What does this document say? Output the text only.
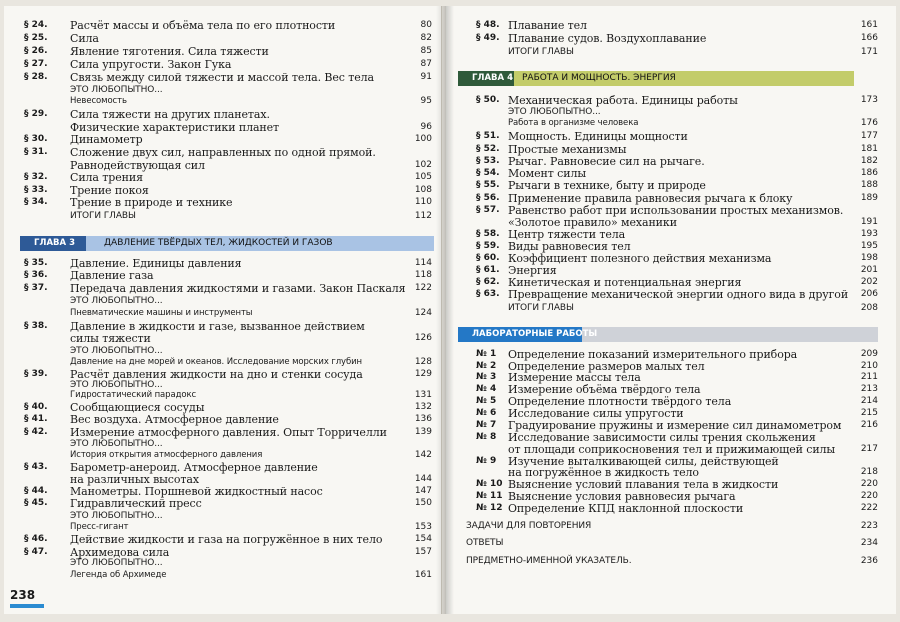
§ 24. Расчёт массы и объёма тела по его плотности	80
§ 25. Сила	82
§ 26. Явление тяготения. Сила тяжести	85
§ 27. Сила упругости. Закон Гука	87
§ 28. Связь между силой тяжести и массой тела. Вес тела	91
ЭТО ЛЮБОПЫТНО...
Невесомость	95
§ 29. Сила тяжести на других планетах.
Физические характеристики планет	96
§ 30. Динамометр	100
§ 31. Сложение двух сил, направленных по одной прямой.
Равнодействующая сил	102
§ 32. Сила трения	105
§ 33. Трение покоя	108
§ 34. Трение в природе и технике	110
ИТОГИ ГЛАВЫ	112
ГЛАВА 3	ДАВЛЕНИЕ ТВЁРДЫХ ТЕЛ, ЖИДКОСТЕЙ И ГАЗОВ
§ 35. Давление. Единицы давления	114
§ 36. Давление газа	118
§ 37. Передача давления жидкостями и газами. Закон Паскаля	122
ЭТО ЛЮБОПЫТНО...
Пневматические машины и инструменты	124
§ 38. Давление в жидкости и газе, вызванное действием
силы тяжести	126
ЭТО ЛЮБОПЫТНО...
Давление на дне морей и океанов. Исследование морских глубин	128
§ 39. Расчёт давления жидкости на дно и стенки сосуда	129
ЭТО ЛЮБОПЫТНО...
Гидростатический парадокс	131
§ 40. Сообщающиеся сосуды	132
§ 41. Вес воздуха. Атмосферное давление	136
§ 42. Измерение атмосферного давления. Опыт Торричелли	139
ЭТО ЛЮБОПЫТНО...
История открытия атмосферного давления	142
§ 43. Барометр-анероид. Атмосферное давление
на различных высотах	144
§ 44. Манометры. Поршневой жидкостный насос	147
§ 45. Гидравлический пресс	150
ЭТО ЛЮБОПЫТНО...
Пресс-гигант	153
§ 46. Действие жидкости и газа на погружённое в них тело	154
§ 47. Архимедова сила	157
ЭТО ЛЮБОПЫТНО...
Легенда об Архимеде	161
238
§ 48. Плавание тел	161
§ 49. Плавание судов. Воздухоплавание	166
ИТОГИ ГЛАВЫ	171
ГЛАВА 4 РАБОТА И МОЩНОСТЬ. ЭНЕРГИЯ
§ 50. Механическая работа. Единицы работы	173
ЭТО ЛЮБОПЫТНО...
Работа в организме человека	176
§ 51. Мощность. Единицы мощности	177
§ 52. Простые механизмы	181
§ 53. Рычаг. Равновесие сил на рычаге.	182
§ 54. Момент силы	186
§ 55. Рычаги в технике, быту и природе	188
§ 56. Применение правила равновесия рычага к блоку	189
§ 57. Равенство работ при использовании простых механизмов.
«Золотое правило» механики	191
§ 58. Центр тяжести тела	193
§ 59. Виды равновесия тел	195
§ 60. Коэффициент полезного действия механизма	198
§ 61. Энергия	201
§ 62. Кинетическая и потенциальная энергия	202
§ 63. Превращение механической энергии одного вида в другой	206
ИТОГИ ГЛАВЫ	208
ЛАБОРАТОРНЫЕ РАБОТЫ
№ 1 Определение показаний измерительного прибора	209
№ 2 Определение размеров малых тел	210
№ 3 Измерение массы тела	211
№ 4 Измерение объёма твёрдого тела	213
№ 5 Определение плотности твёрдого тела	214
№ 6 Исследование силы упругости	215
№ 7 Градуирование пружины и измерение сил динамометром	216
№ 8 Исследование зависимости силы трения скольжения
от площади соприкосновения тел и прижимающей силы	217
№ 9 Изучение выталкивающей силы, действующей
на погружённое в жидкость тело	218
№ 10 Выяснение условий плавания тела в жидкости	220
№ 11 Выяснение условия равновесия рычага	220
№ 12 Определение КПД наклонной плоскости	222
ЗАДАЧИ ДЛЯ ПОВТОРЕНИЯ	223
ОТВЕТЫ	234
ПРЕДМЕТНО-ИМЕННОЙ УКАЗАТЕЛЬ.	236
